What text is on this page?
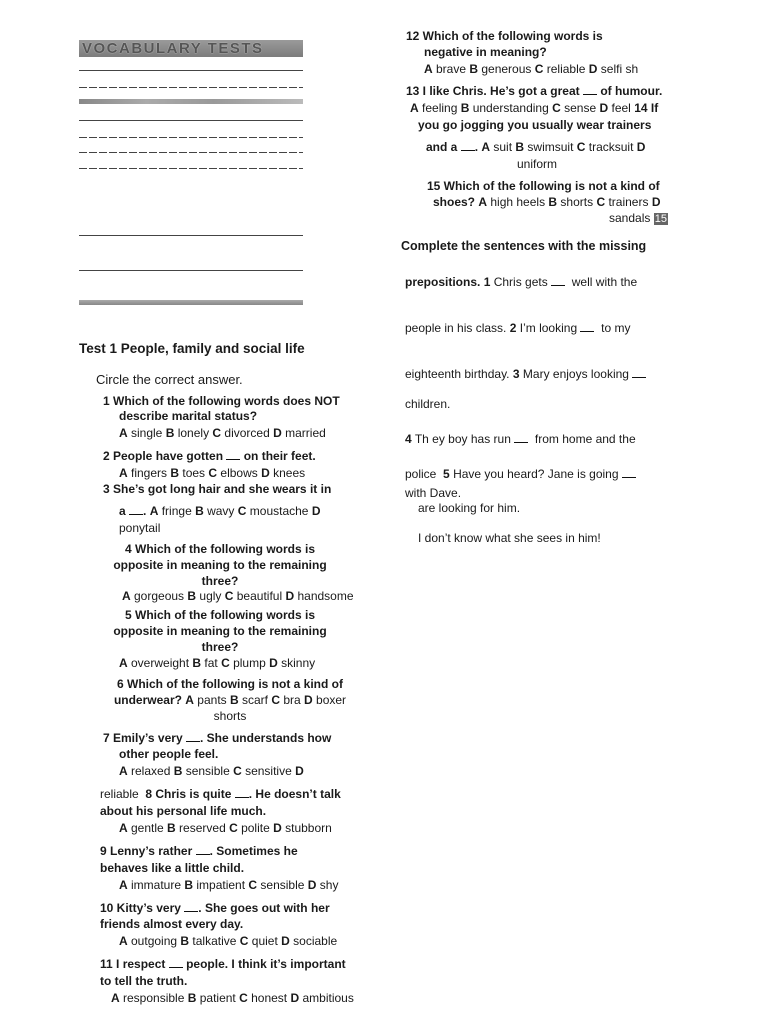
VOCABULARY TESTS
Test 1 People, family and social life
Circle the correct answer.
1 Which of the following words does NOT
describe marital status?
A single B lonely C divorced D married
2 People have gotten on their feet.
A fingers B toes C elbows D knees
3 She’s got long hair and she wears it in
a . A fringe B wavy C moustache D
ponytail
4 Which of the following words is
opposite in meaning to the remaining
three?
A gorgeous B ugly C beautiful D handsome
5 Which of the following words is
opposite in meaning to the remaining
three?
A overweight B fat C plump D skinny
6 Which of the following is not a kind of
underwear? A pants B scarf C bra D boxer
shorts
7 Emily’s very . She understands how
other people feel.
A relaxed B sensible C sensitive D
reliable 8 Chris is quite . He doesn’t talk
about his personal life much.
A gentle B reserved C polite D stubborn
9 Lenny’s rather . Sometimes he
behaves like a little child.
A immature B impatient C sensible D shy
10 Kitty’s very . She goes out with her
friends almost every day.
A outgoing B talkative C quiet D sociable
11 I respect people. I think it’s important
to tell the truth.
A responsible B patient C honest D ambitious
12 Which of the following words is
negative in meaning?
A brave B generous C reliable D selfi sh
13 I like Chris. He’s got a great of humour.
A feeling B understanding C sense D feel 14 If
you go jogging you usually wear trainers
and a . A suit B swimsuit C tracksuit D
uniform
15 Which of the following is not a kind of
shoes? A high heels B shorts C trainers D
sandals 15
Complete the sentences with the missing
prepositions. 1 Chris gets well with the
people in his class. 2 I’m looking to my
eighteenth birthday. 3 Mary enjoys looking
children.
4 Th ey boy has run from home and the
police 5 Have you heard? Jane is going
with Dave.
are looking for him.
I don’t know what she sees in him!
